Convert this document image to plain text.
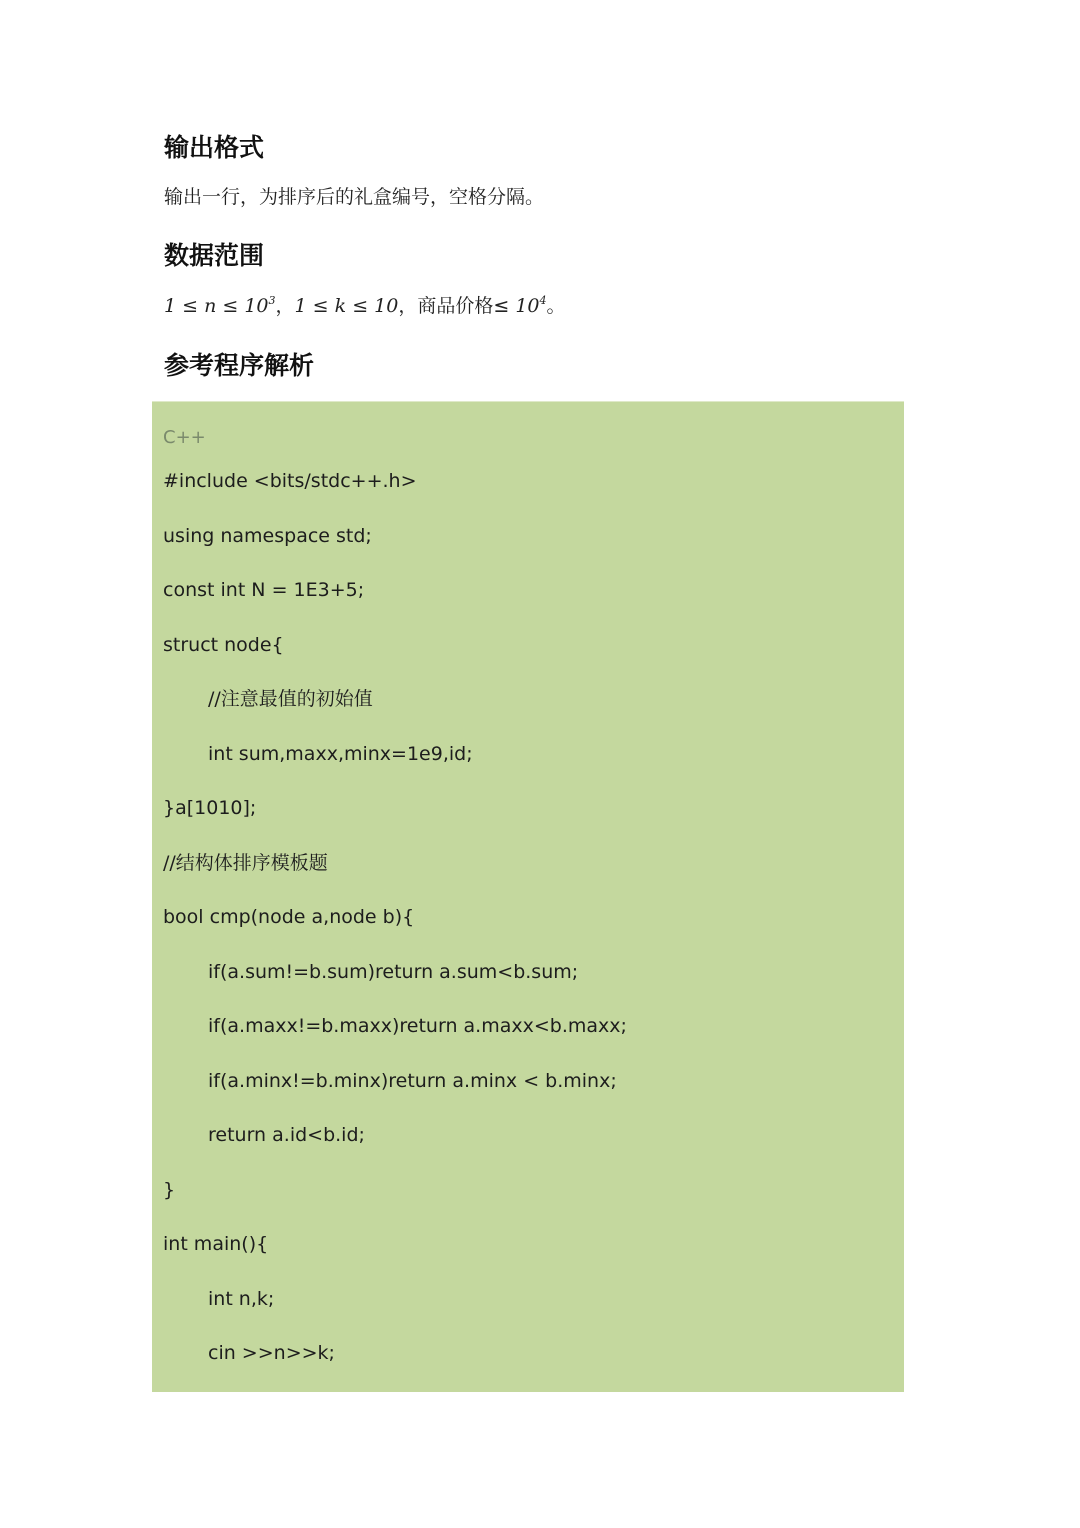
输出格式
输出一行，为排序后的礼盒编号，空格分隔。
数据范围
$1 \le n \le 10^3$，1 ≤ k ≤ 10，商品价格≤ $10^4$。
参考程序解析
C++
#include <bits/stdc++.h>
using namespace std;
const int N = 1E3+5;
struct node{
//注意最值的初始值
int sum,maxx,minx=1e9,id;
}a[1010];
//结构体排序模板题
bool cmp(node a,node b){
if(a.sum!=b.sum)return a.sum<b.sum;
if(a.maxx!=b.maxx)return a.maxx<b.maxx;
if(a.minx!=b.minx)return a.minx < b.minx;
return a.id<b.id;
}
int main(){
int n,k;
cin >>n>>k;
